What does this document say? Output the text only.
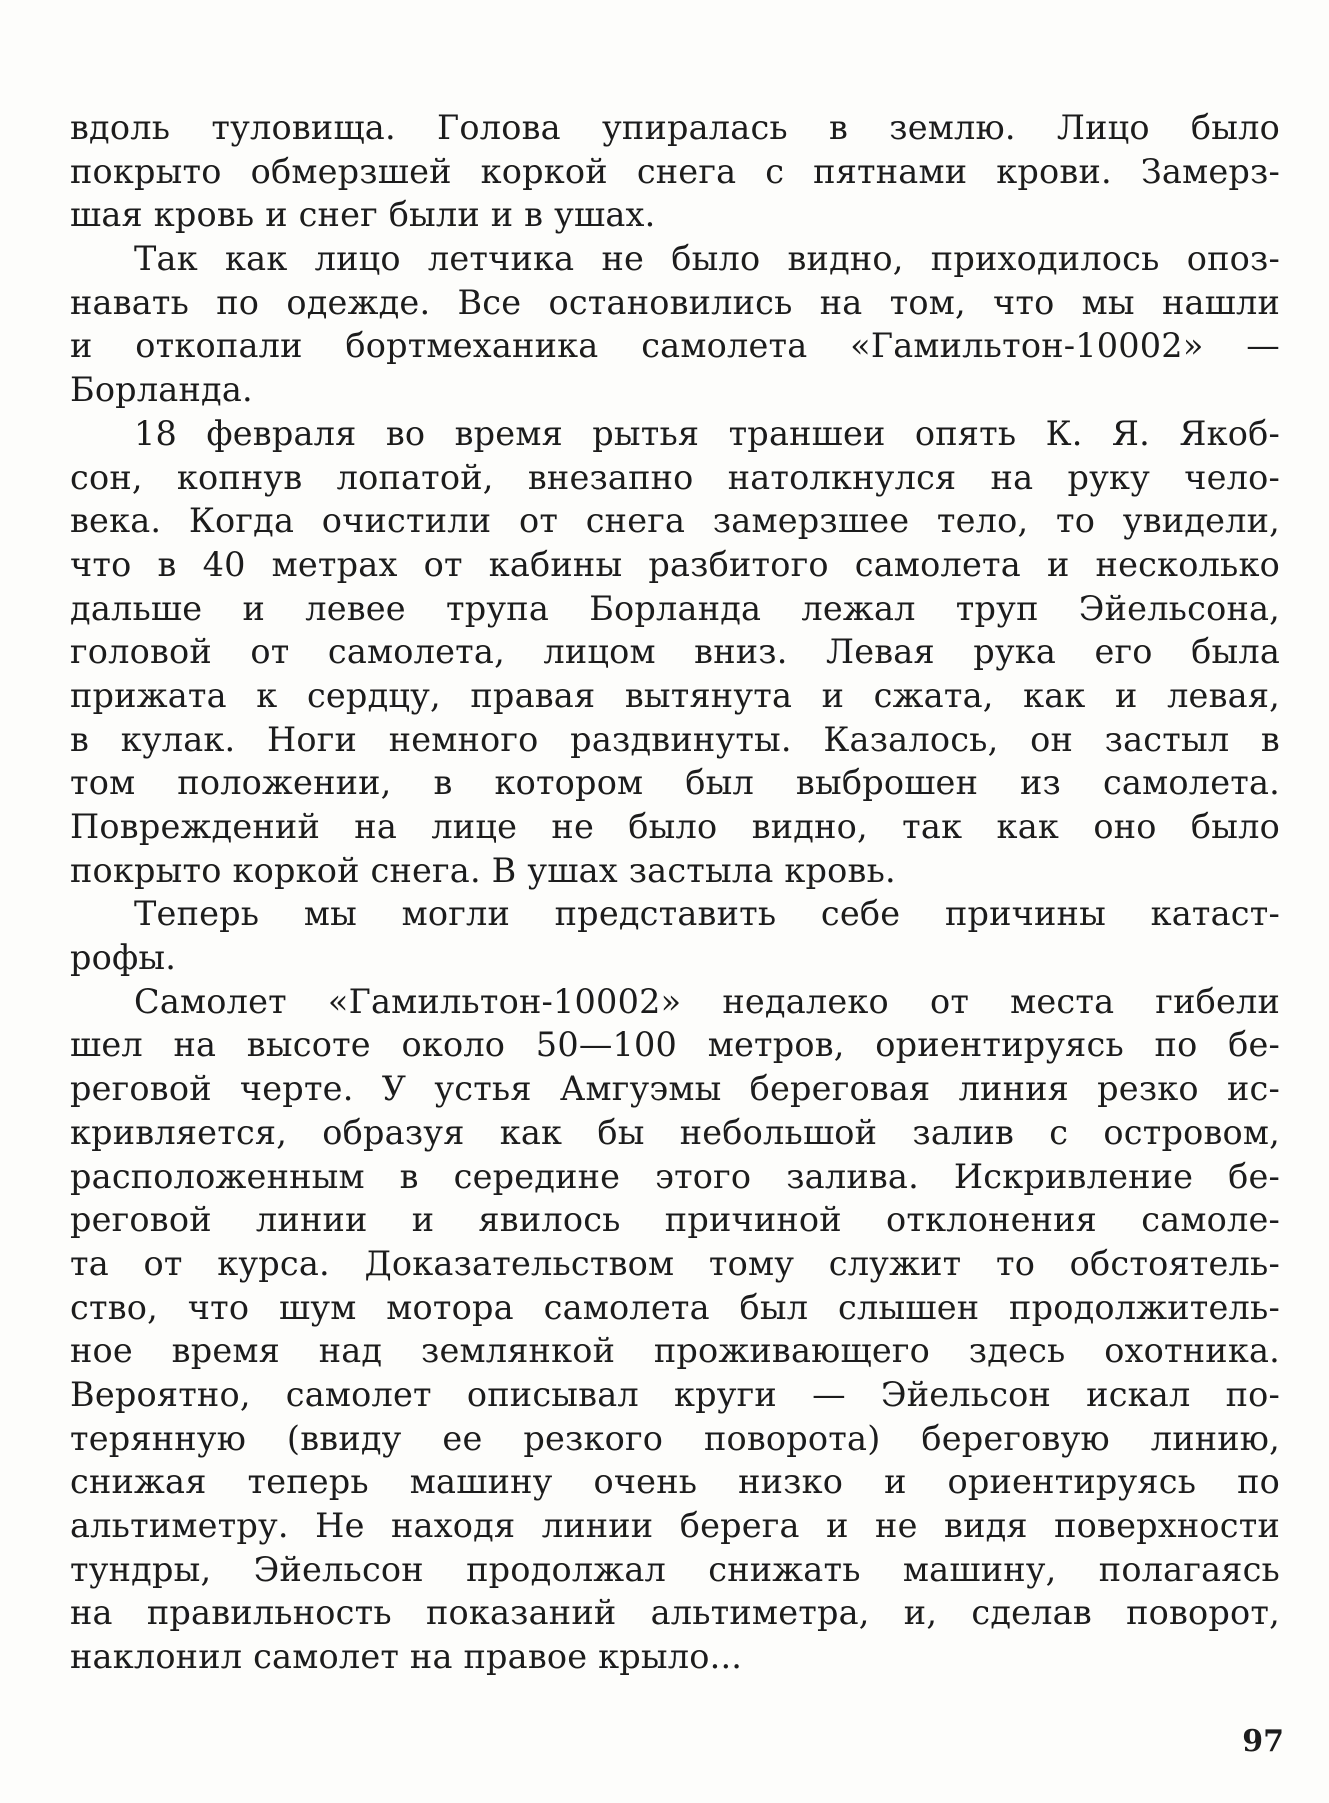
вдоль туловища. Голова упиралась в землю. Лицо было
покрыто обмерзшей коркой снега с пятнами крови. Замерз-
шая кровь и снег были и в ушах.
Так как лицо летчика не было видно, приходилось опоз-
навать по одежде. Все остановились на том, что мы нашли
и откопали бортмеханика самолета «Гамильтон-10002» —
Борланда.
18 февраля во время рытья траншеи опять К. Я. Якоб-
сон, копнув лопатой, внезапно натолкнулся на руку чело-
века. Когда очистили от снега замерзшее тело, то увидели,
что в 40 метрах от кабины разбитого самолета и несколько
дальше и левее трупа Борланда лежал труп Эйельсона,
головой от самолета, лицом вниз. Левая рука его была
прижата к сердцу, правая вытянута и сжата, как и левая,
в кулак. Ноги немного раздвинуты. Казалось, он застыл в
том положении, в котором был выброшен из самолета.
Повреждений на лице не было видно, так как оно было
покрыто коркой снега. В ушах застыла кровь.
Теперь мы могли представить себе причины катаст-
рофы.
Самолет «Гамильтон-10002» недалеко от места гибели
шел на высоте около 50—100 метров, ориентируясь по бе-
реговой черте. У устья Амгуэмы береговая линия резко ис-
кривляется, образуя как бы небольшой залив с островом,
расположенным в середине этого залива. Искривление бе-
реговой линии и явилось причиной отклонения самоле-
та от курса. Доказательством тому служит то обстоятель-
ство, что шум мотора самолета был слышен продолжитель-
ное время над землянкой проживающего здесь охотника.
Вероятно, самолет описывал круги — Эйельсон искал по-
терянную (ввиду ее резкого поворота) береговую линию,
снижая теперь машину очень низко и ориентируясь по
альтиметру. Не находя линии берега и не видя поверхности
тундры, Эйельсон продолжал снижать машину, полагаясь
на правильность показаний альтиметра, и, сделав поворот,
наклонил самолет на правое крыло...
97
